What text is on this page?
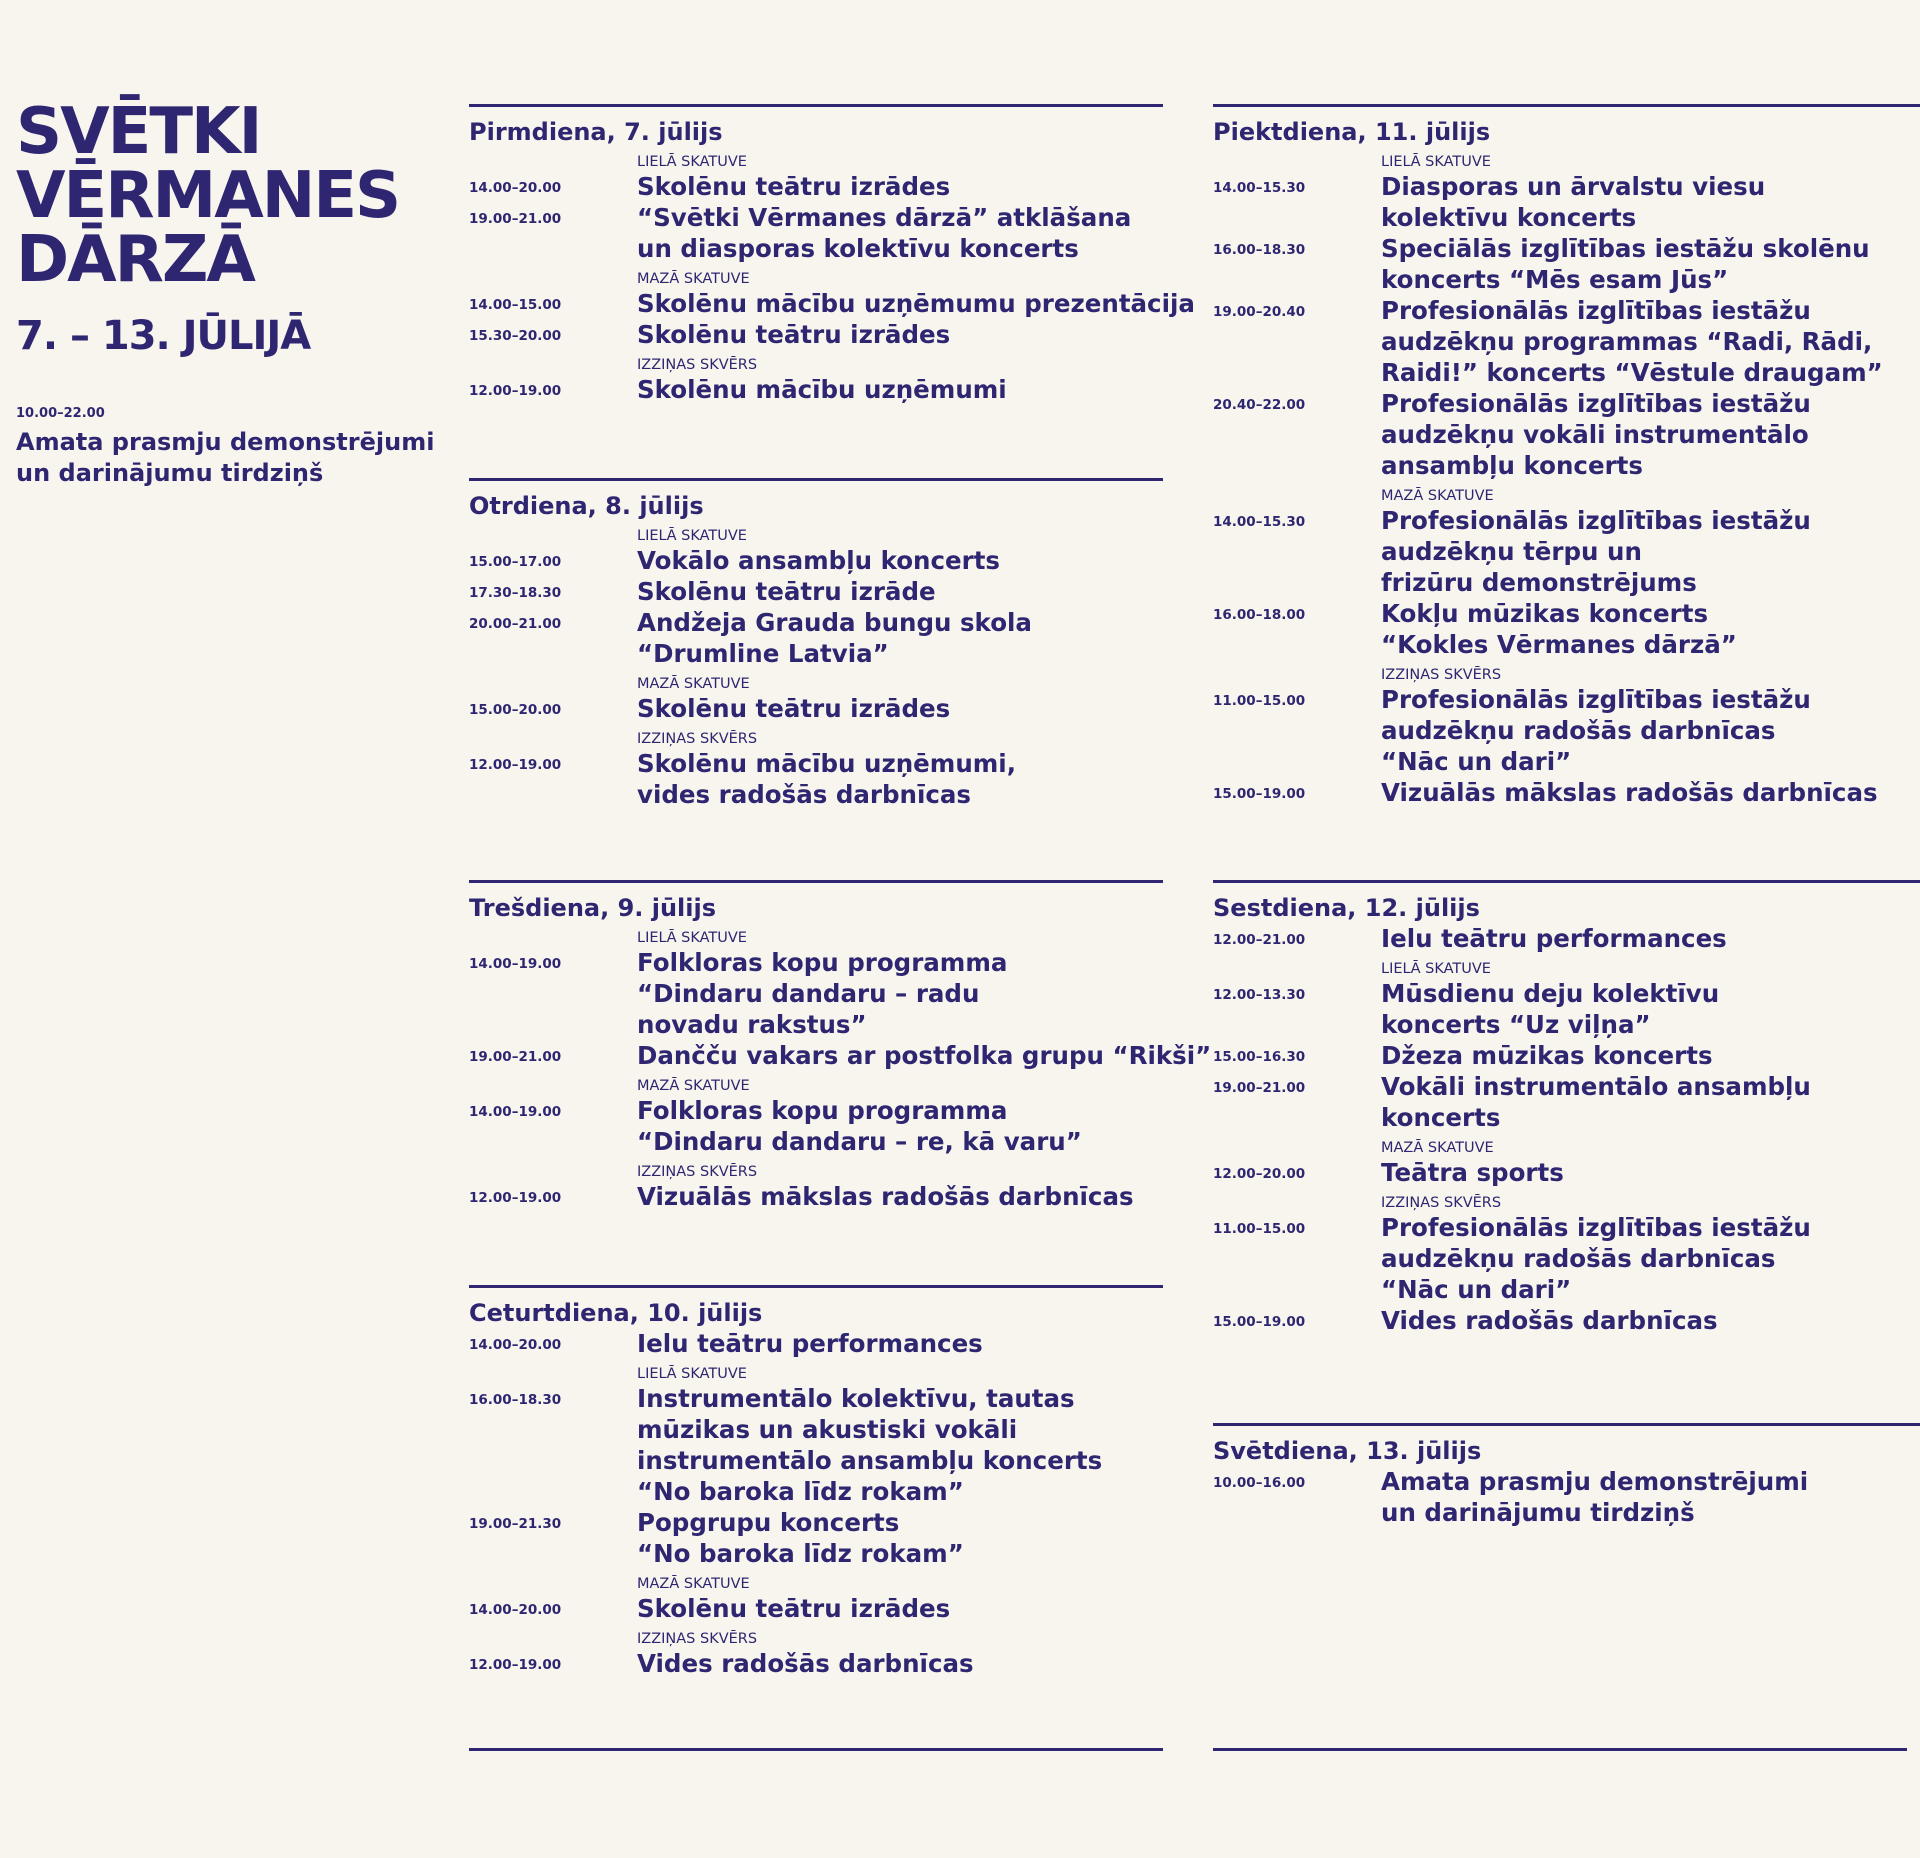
SVĒTKI
VĒRMANES
DĀRZĀ
7. – 13. JŪLIJĀ
10.00–22.00
Amata prasmju demonstrējumi
un darinājumu tirdziņš
Pirmdiena, 7. jūlijs
LIELĀ SKATUVE
14.00–20.00	Skolēnu teātru izrādes
19.00–21.00	“Svētki Vērmanes dārzā” atklāšana
un diasporas kolektīvu koncerts
MAZĀ SKATUVE
14.00–15.00	Skolēnu mācību uzņēmumu prezentācija
15.30–20.00	Skolēnu teātru izrādes
IZZIŅAS SKVĒRS
12.00–19.00	Skolēnu mācību uzņēmumi
Otrdiena, 8. jūlijs
LIELĀ SKATUVE
15.00–17.00	Vokālo ansambļu koncerts
17.30–18.30	Skolēnu teātru izrāde
20.00–21.00	Andžeja Grauda bungu skola
“Drumline Latvia”
MAZĀ SKATUVE
15.00–20.00	Skolēnu teātru izrādes
IZZIŅAS SKVĒRS
12.00–19.00	Skolēnu mācību uzņēmumi,
vides radošās darbnīcas
Trešdiena, 9. jūlijs
LIELĀ SKATUVE
14.00–19.00	Folkloras kopu programma
“Dindaru dandaru – radu
novadu rakstus”
19.00–21.00	Dančču vakars ar postfolka grupu “Rikši”
MAZĀ SKATUVE
14.00–19.00	Folkloras kopu programma
“Dindaru dandaru – re, kā varu”
IZZIŅAS SKVĒRS
12.00–19.00	Vizuālās mākslas radošās darbnīcas
Ceturtdiena, 10. jūlijs
14.00–20.00	Ielu teātru performances
LIELĀ SKATUVE
16.00–18.30	Instrumentālo kolektīvu, tautas
mūzikas un akustiski vokāli
instrumentālo ansambļu koncerts
“No baroka līdz rokam”
19.00–21.30	Popgrupu koncerts
“No baroka līdz rokam”
MAZĀ SKATUVE
14.00–20.00	Skolēnu teātru izrādes
IZZIŅAS SKVĒRS
12.00–19.00	Vides radošās darbnīcas
Piektdiena, 11. jūlijs
LIELĀ SKATUVE
14.00–15.30	Diasporas un ārvalstu viesu
kolektīvu koncerts
16.00–18.30	Speciālās izglītības iestāžu skolēnu
koncerts “Mēs esam Jūs”
19.00–20.40	Profesionālās izglītības iestāžu
audzēkņu programmas “Radi, Rādi,
Raidi!” koncerts “Vēstule draugam”
20.40–22.00	Profesionālās izglītības iestāžu
audzēkņu vokāli instrumentālo
ansambļu koncerts
MAZĀ SKATUVE
14.00–15.30	Profesionālās izglītības iestāžu
audzēkņu tērpu un
frizūru demonstrējums
16.00–18.00	Kokļu mūzikas koncerts
“Kokles Vērmanes dārzā”
IZZIŅAS SKVĒRS
11.00–15.00	Profesionālās izglītības iestāžu
audzēkņu radošās darbnīcas
“Nāc un dari”
15.00–19.00	Vizuālās mākslas radošās darbnīcas
Sestdiena, 12. jūlijs
12.00–21.00	Ielu teātru performances
LIELĀ SKATUVE
12.00–13.30	Mūsdienu deju kolektīvu
koncerts “Uz viļņa”
15.00–16.30	Džeza mūzikas koncerts
19.00–21.00	Vokāli instrumentālo ansambļu
koncerts
MAZĀ SKATUVE
12.00–20.00	Teātra sports
IZZIŅAS SKVĒRS
11.00–15.00	Profesionālās izglītības iestāžu
audzēkņu radošās darbnīcas
“Nāc un dari”
15.00–19.00	Vides radošās darbnīcas
Svētdiena, 13. jūlijs
10.00–16.00	Amata prasmju demonstrējumi
un darinājumu tirdziņš
